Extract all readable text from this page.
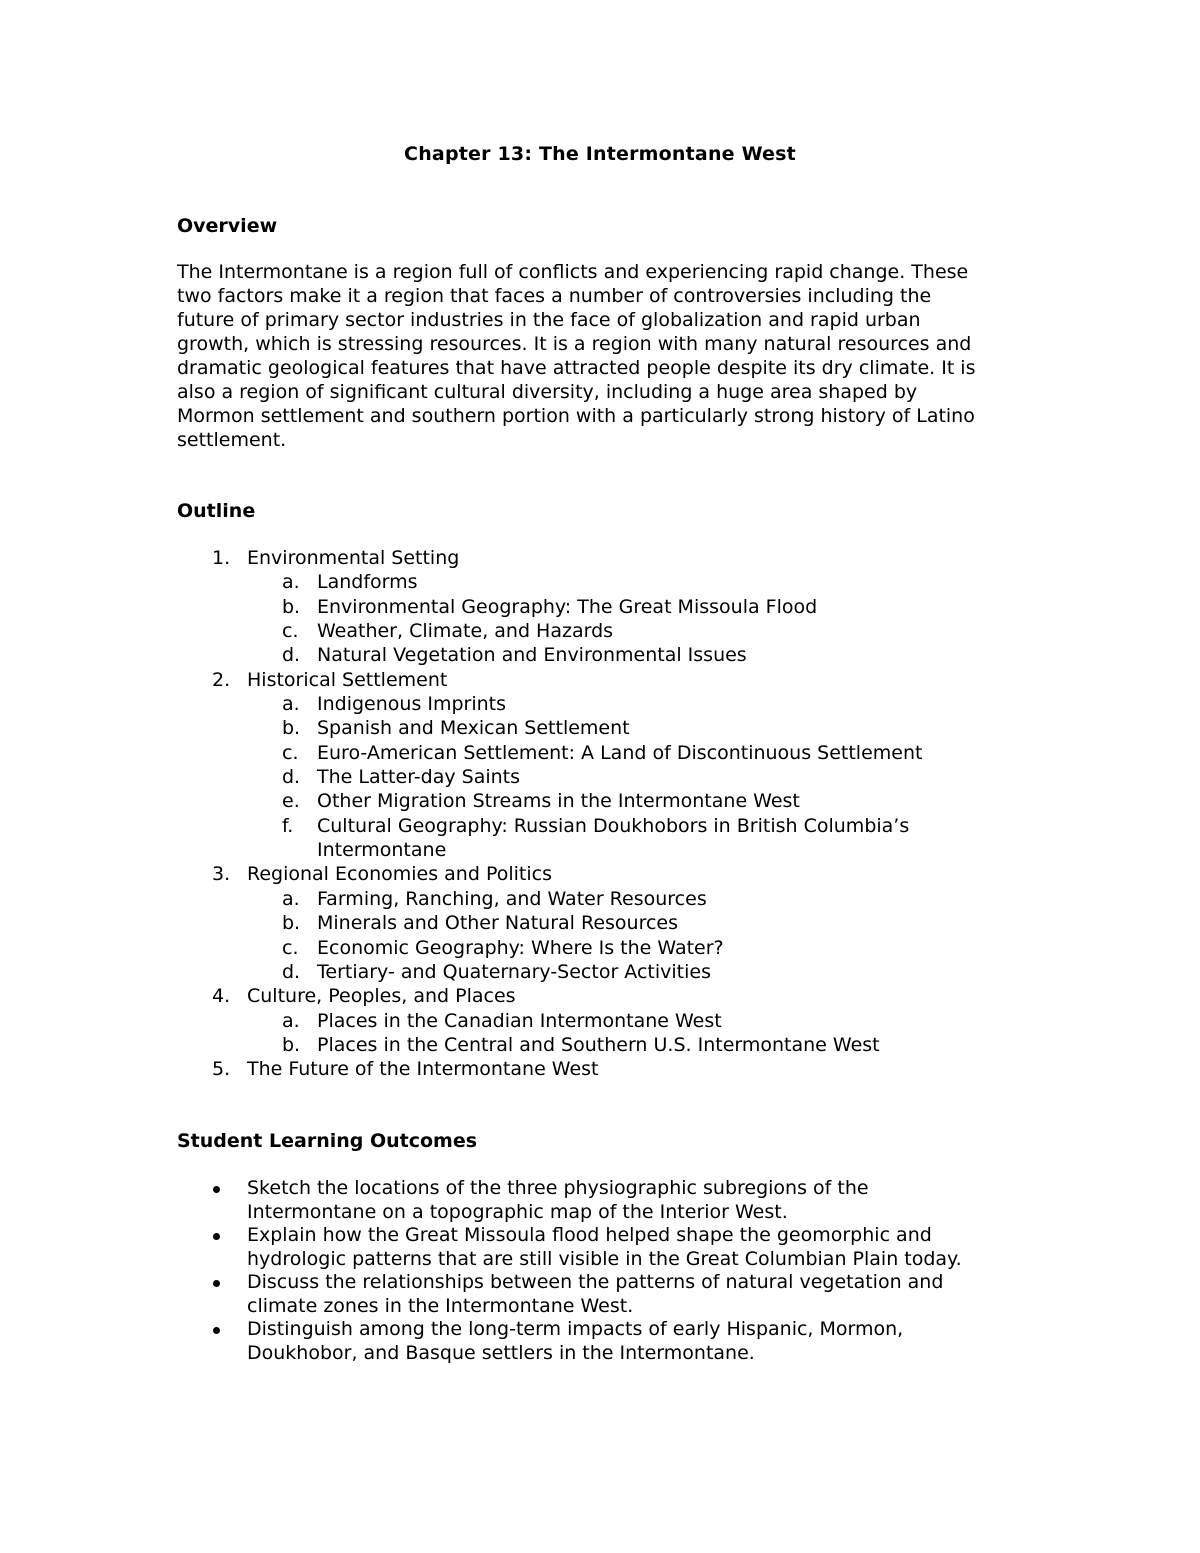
Chapter 13: The Intermontane West
Overview
The Intermontane is a region full of conflicts and experiencing rapid change. These
two factors make it a region that faces a number of controversies including the
future of primary sector industries in the face of globalization and rapid urban
growth, which is stressing resources. It is a region with many natural resources and
dramatic geological features that have attracted people despite its dry climate. It is
also a region of significant cultural diversity, including a huge area shaped by
Mormon settlement and southern portion with a particularly strong history of Latino
settlement.
Outline
1. Environmental Setting
a. Landforms
b. Environmental Geography: The Great Missoula Flood
c. Weather, Climate, and Hazards
d. Natural Vegetation and Environmental Issues
2. Historical Settlement
a. Indigenous Imprints
b. Spanish and Mexican Settlement
c. Euro-American Settlement: A Land of Discontinuous Settlement
d. The Latter-day Saints
e. Other Migration Streams in the Intermontane West
f.	Cultural Geography: Russian Doukhobors in British Columbia’s
Intermontane
3. Regional Economies and Politics
a. Farming, Ranching, and Water Resources
b. Minerals and Other Natural Resources
c. Economic Geography: Where Is the Water?
d. Tertiary- and Quaternary-Sector Activities
4. Culture, Peoples, and Places
a. Places in the Canadian Intermontane West
b. Places in the Central and Southern U.S. Intermontane West
5. The Future of the Intermontane West
Student Learning Outcomes
Sketch the locations of the three physiographic subregions of the
Intermontane on a topographic map of the Interior West.
Explain how the Great Missoula flood helped shape the geomorphic and
hydrologic patterns that are still visible in the Great Columbian Plain today.
Discuss the relationships between the patterns of natural vegetation and
climate zones in the Intermontane West.
Distinguish among the long-term impacts of early Hispanic, Mormon,
Doukhobor, and Basque settlers in the Intermontane.
